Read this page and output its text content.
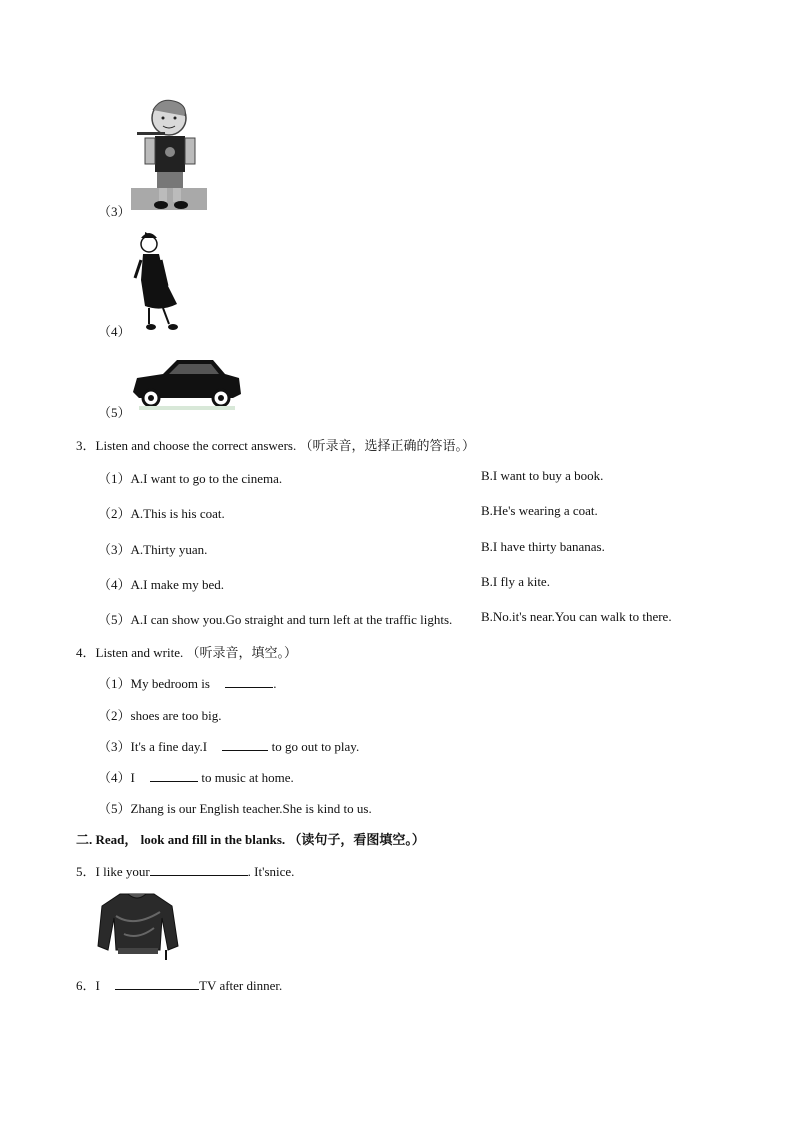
（3）
（4）
（5）
3．Listen and choose the correct answers. （听录音，选择正确的答语。）
（1）A.I want to go to the cinema.	B.I want to buy a book.
（2）A.This is his coat.	B.He's wearing a coat.
（3）A.Thirty yuan.	B.I have thirty bananas.
（4）A.I make my bed.	B.I fly a kite.
（5）A.I can show you.Go straight and turn left at the traffic lights. B.No.it's near.You can walk to there.
4．Listen and write. （听录音，填空。）
（1）My bedroom is	.
（2）shoes are too big.
（3）It's a fine day.I	to go out to play.
（4）I	to music at home.
（5）Zhang is our English teacher.She is kind to us.
二. Read， look and fill in the blanks. （读句子，看图填空。）
5．I like your	. It'snice.
6．I	TV after dinner.
